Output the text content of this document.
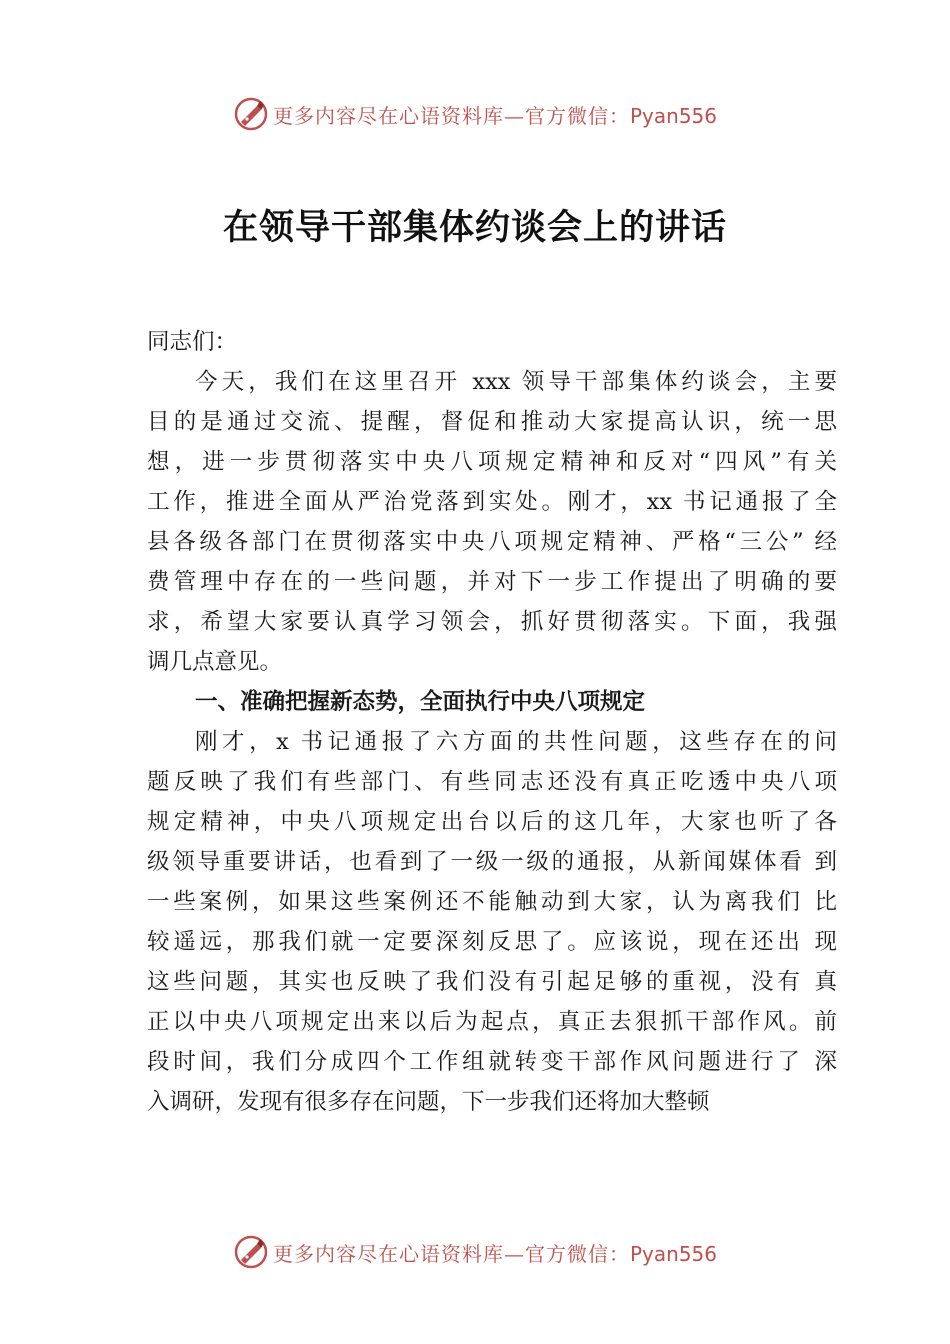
更多内容尽在心语资料库—官方微信：Pyan556
在领导干部集体约谈会上的讲话
同志们：
今天，我们在这里召开 xxx 领导干部集体约谈会，主要
目的是通过交流、提醒，督促和推动大家提高认识，统一思
想，进一步贯彻落实中央八项规定精神和反对“四风”有关
工作，推进全面从严治党落到实处。刚才，xx 书记通报了全
县各级各部门在贯彻落实中央八项规定精神、严格“三公” 经
费管理中存在的一些问题，并对下一步工作提出了明确的要
求，希望大家要认真学习领会，抓好贯彻落实。下面，我强
调几点意见。
一、准确把握新态势，全面执行中央八项规定
刚才，x 书记通报了六方面的共性问题，这些存在的问
题反映了我们有些部门、有些同志还没有真正吃透中央八项
规定精神，中央八项规定出台以后的这几年，大家也听了各
级领导重要讲话，也看到了一级一级的通报，从新闻媒体看 到
一些案例，如果这些案例还不能触动到大家，认为离我们 比
较遥远，那我们就一定要深刻反思了。应该说，现在还出 现
这些问题，其实也反映了我们没有引起足够的重视，没有 真
正以中央八项规定出来以后为起点，真正去狠抓干部作风。前
段时间，我们分成四个工作组就转变干部作风问题进行了 深
入调研，发现有很多存在问题，下一步我们还将加大整顿
更多内容尽在心语资料库—官方微信：Pyan556
